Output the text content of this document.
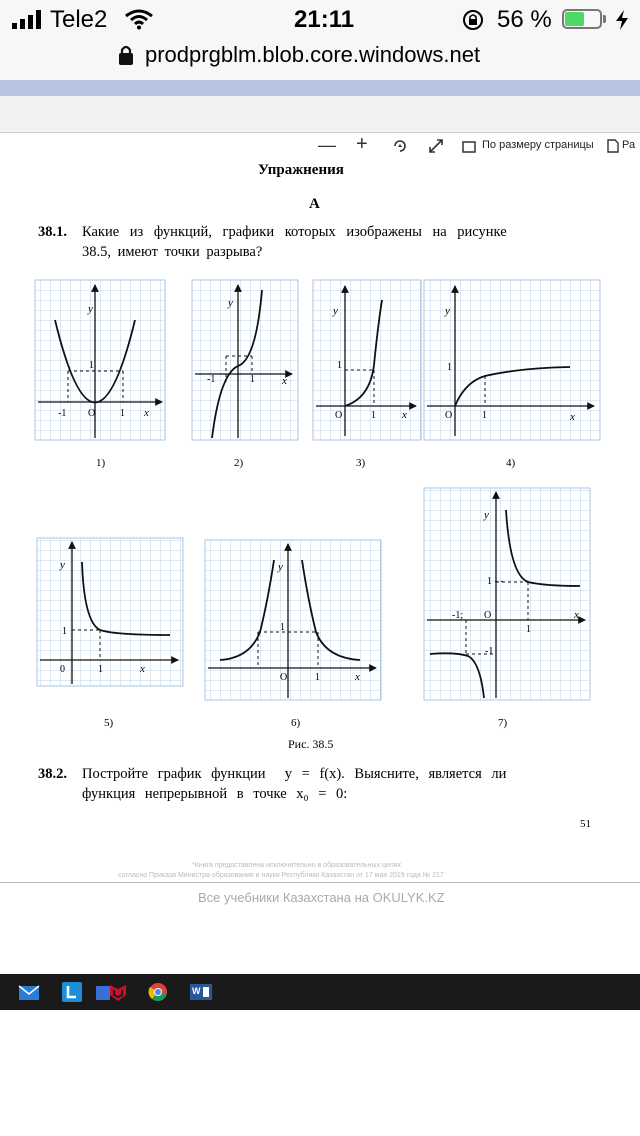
Tele2	21:11	56 %
prodprgblm.blob.core.windows.net
— +	По размеру страницы	Ра
Упражнения
А
38.1. Какие из функций, графики которых изображены на рисунке
38.5, имеют точки разрыва?
y
1
-1 O 1 x
y
-1	1 x
y
1
O	1 x
y
1
O	1	x
1)	2)	3)	4)
y
1
0	1	x
y
1
O	1	x
y
1 - -
-1; O
1
-1
x
5)	6)	7)
Рис. 38.5
38.2. Постройте график функции  y = f(x). Выясните, является ли
функция непрерывной в точке x₀ = 0:
51
*Книга предоставлена исключительно в образовательных целях
согласно Приказа Министра образования и науки Республики Казахстан от 17 мая 2019 года № 217
Все учебники Казахстана на OKULYK.KZ
W
